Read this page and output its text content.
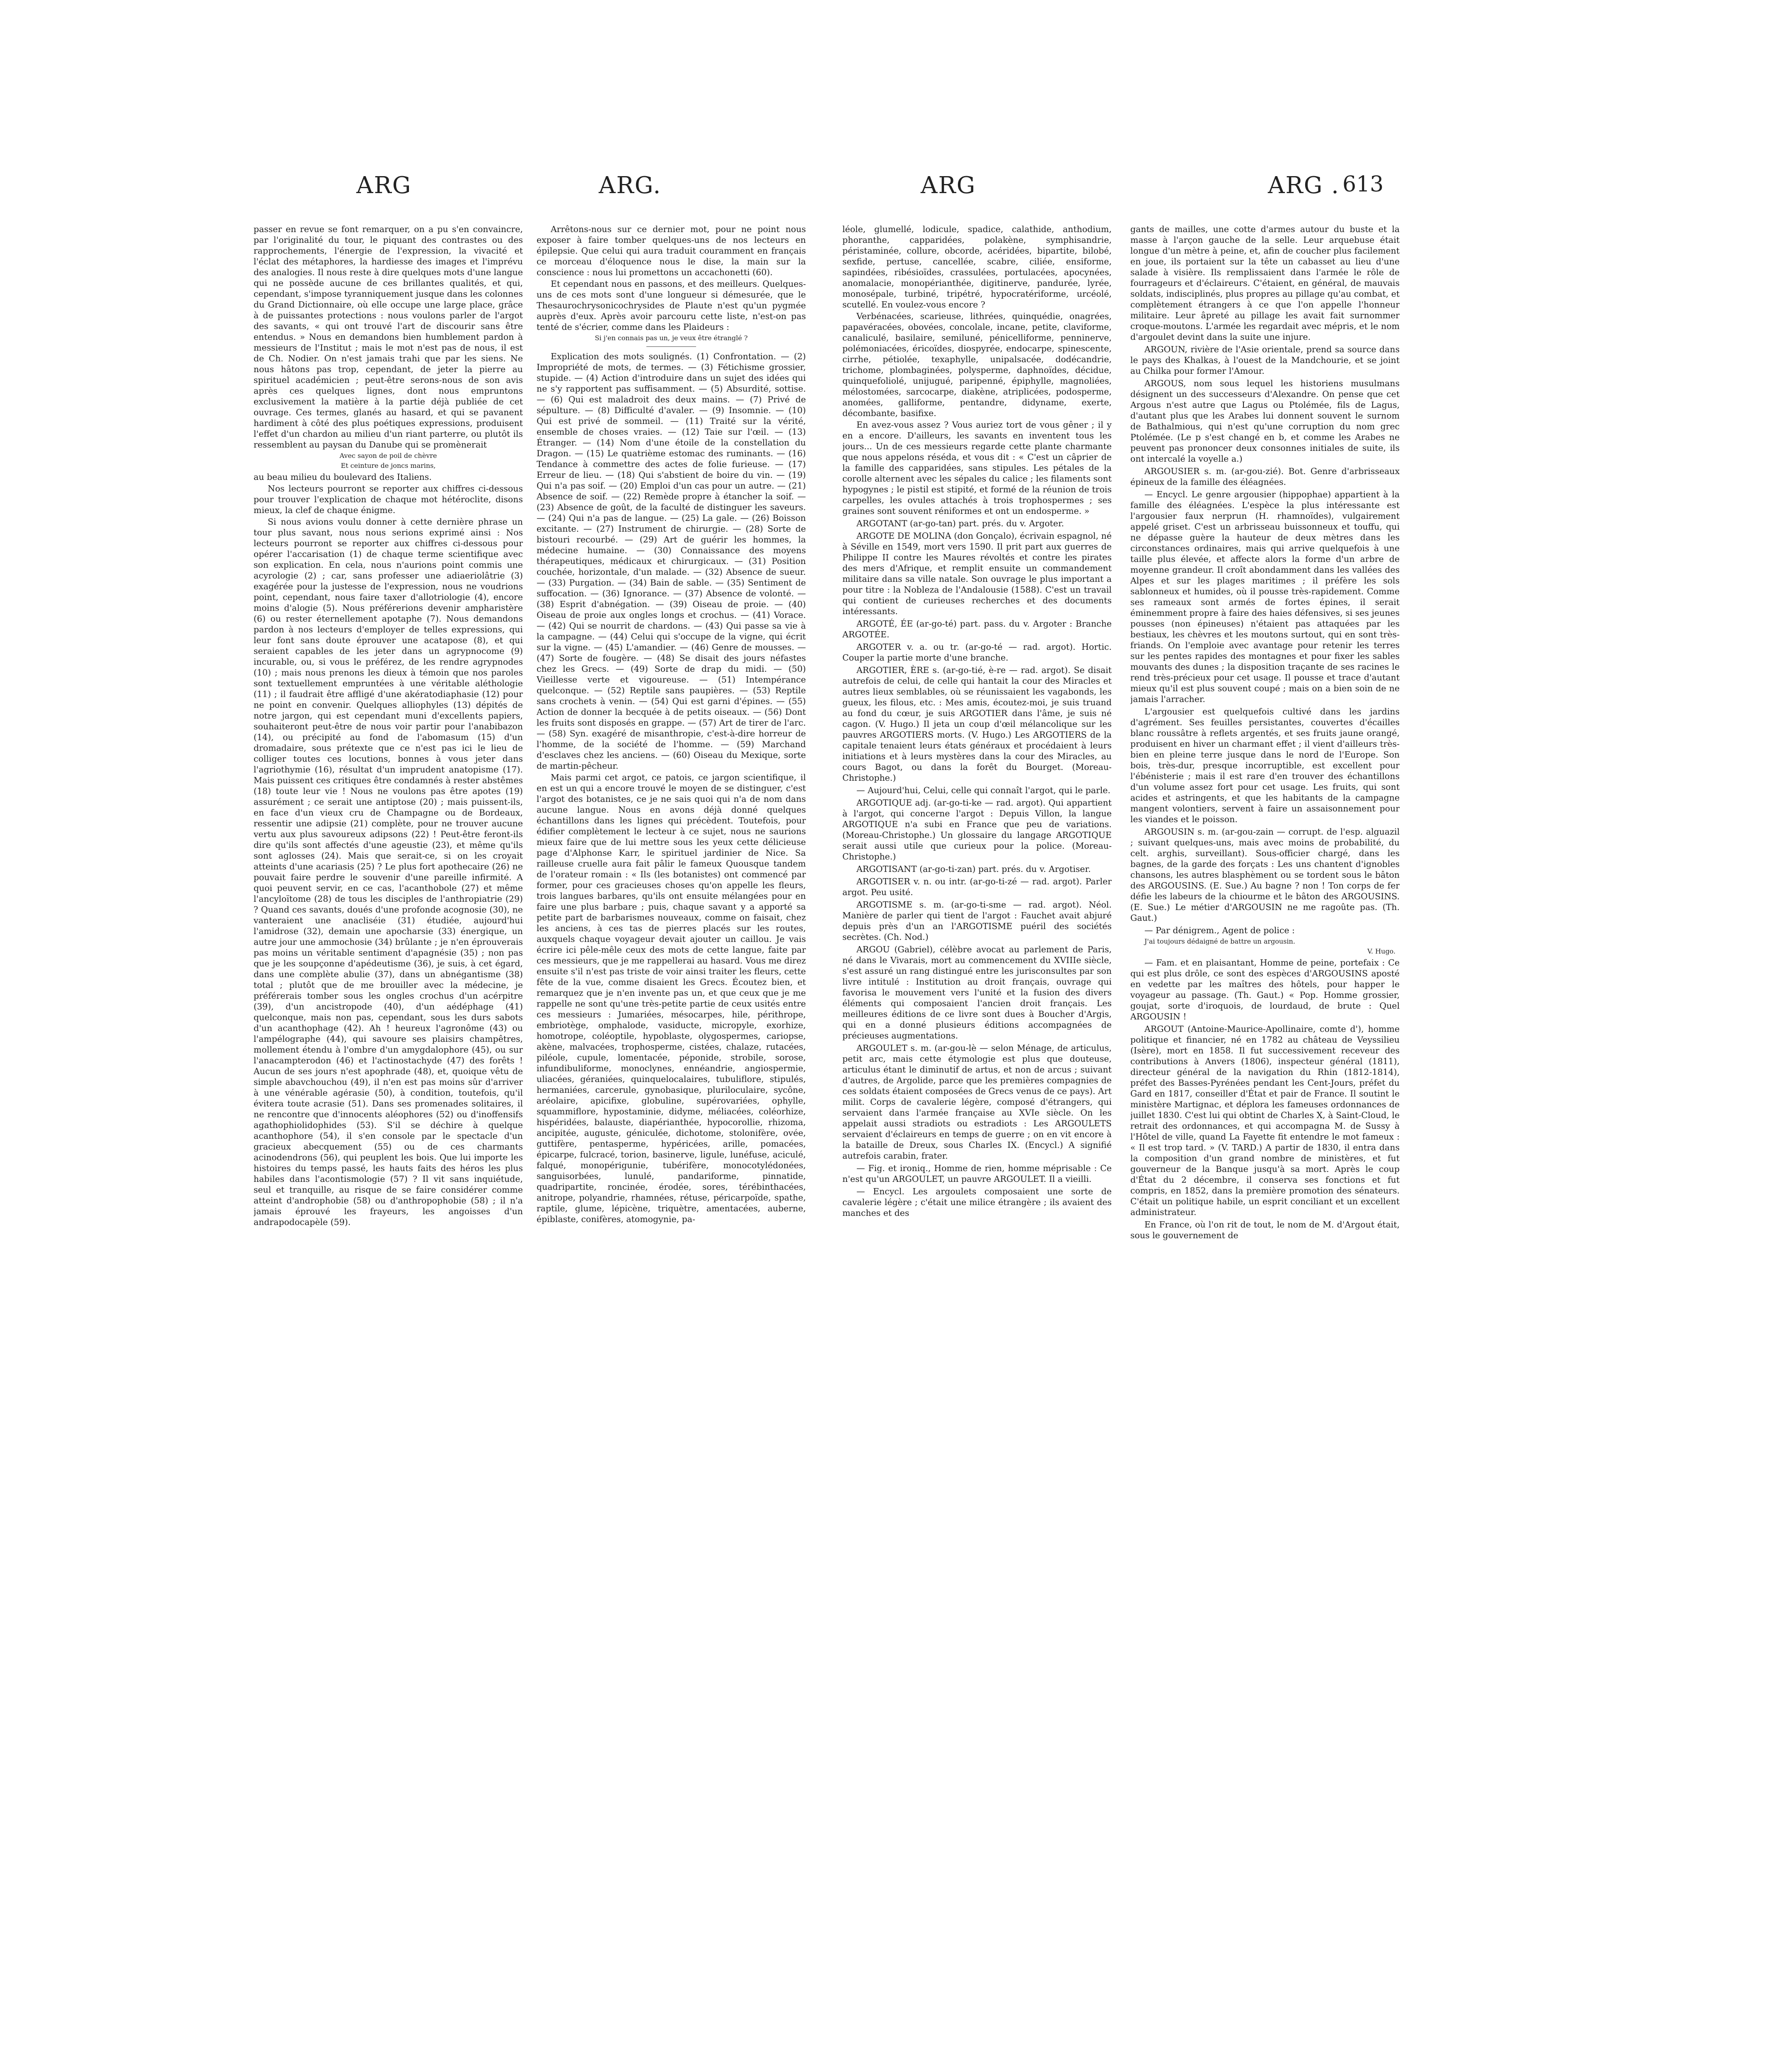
ARG	ARG.	ARG	ARG . 613

passer en revue se font remarquer, on a pu s'en convaincre, par l'originalité du tour, le piquant des contrastes ou des rapprochements, l'énergie de l'expression, la vivacité et l'éclat des métaphores, la hardiesse des images et l'imprévu des analogies. Il nous reste à dire quelques mots d'une langue qui ne possède aucune de ces brillantes qualités, et qui, cependant, s'impose tyranniquement jusque dans les colonnes du Grand Dictionnaire, où elle occupe une large place, grâce à de puissantes protections : nous voulons parler de l'argot des savants, « qui ont trouvé l'art de discourir sans être entendus. » Nous en demandons bien humblement pardon à messieurs de l'Institut ; mais le mot n'est pas de nous, il est de Ch. Nodier. On n'est jamais trahi que par les siens. Ne nous hâtons pas trop, cependant, de jeter la pierre au spirituel académicien ; peut-être serons-nous de son avis après ces quelques lignes, dont nous empruntons exclusivement la matière à la partie déjà publiée de cet ouvrage. Ces termes, glanés au hasard, et qui se pavanent hardiment à côté des plus poétiques expressions, produisent l'effet d'un chardon au milieu d'un riant parterre, ou plutôt ils ressemblent au paysan du Danube qui se promènerait

Avec sayon de poil de chèvre

Et ceinture de joncs marins,

au beau milieu du boulevard des Italiens.

Nos lecteurs pourront se reporter aux chiffres ci-dessous pour trouver l'explication de chaque mot hétéroclite, disons mieux, la clef de chaque énigme.

Si nous avions voulu donner à cette dernière phrase un tour plus savant, nous nous serions exprimé ainsi : Nos lecteurs pourront se reporter aux chiffres ci-dessous pour opérer l'accarisation (1) de chaque terme scientifique avec son explication. En cela, nous n'aurions point commis une acyrologie (2) ; car, sans professer une adiaeriolâtrie (3) exagérée pour la justesse de l'expression, nous ne voudrions point, cependant, nous faire taxer d'allotriologie (4), encore moins d'alogie (5). Nous préférerions devenir ampharistère (6) ou rester éternellement apotaphe (7). Nous demandons pardon à nos lecteurs d'employer de telles expressions, qui leur font sans doute éprouver une acatapose (8), et qui seraient capables de les jeter dans un agrypnocome (9) incurable, ou, si vous le préférez, de les rendre agrypnodes (10) ; mais nous prenons les dieux à témoin que nos paroles sont textuellement empruntées à une véritable aléthologie (11) ; il faudrait être affligé d'une akératodiaphasie (12) pour ne point en convenir. Quelques alliophyles (13) dépités de notre jargon, qui est cependant muni d'excellents papiers, souhaiteront peut-être de nous voir partir pour l'anabibazon (14), ou précipité au fond de l'abomasum (15) d'un dromadaire, sous prétexte que ce n'est pas ici le lieu de colliger toutes ces locutions, bonnes à vous jeter dans l'agriothymie (16), résultat d'un imprudent anatopisme (17). Mais puissent ces critiques être condamnés à rester abstêmes (18) toute leur vie ! Nous ne voulons pas être apotes (19) assurément ; ce serait une antiptose (20) ; mais puissent-ils, en face d'un vieux cru de Champagne ou de Bordeaux, ressentir une adipsie (21) complète, pour ne trouver aucune vertu aux plus savoureux adipsons (22) ! Peut-être feront-ils dire qu'ils sont affectés d'une ageustie (23), et même qu'ils sont aglosses (24). Mais que serait-ce, si on les croyait atteints d'une acariasis (25) ? Le plus fort apothecaire (26) ne pouvait faire perdre le souvenir d'une pareille infirmité. A quoi peuvent servir, en ce cas, l'acanthobole (27) et même l'ancyloïtome (28) de tous les disciples de l'anthropiatrie (29) ? Quand ces savants, doués d'une profonde acognosie (30), ne vanteraient une anacliséie (31) étudiée, aujourd'hui l'amidrose (32), demain une apocharsie (33) énergique, un autre jour une ammochosie (34) brûlante ; je n'en éprouverais pas moins un véritable sentiment d'apagnésie (35) ; non pas que je les soupçonne d'apédeutisme (36), je suis, à cet égard, dans une complète abulie (37), dans un abnégantisme (38) total ; plutôt que de me brouiller avec la médecine, je préférerais tomber sous les ongles crochus d'un acérpitre (39), d'un ancistropode (40), d'un aédéphage (41) quelconque, mais non pas, cependant, sous les durs sabots d'un acanthophage (42). Ah ! heureux l'agronôme (43) ou l'ampélographe (44), qui savoure ses plaisirs champêtres, mollement étendu à l'ombre d'un amygdalophore (45), ou sur l'anacampterodon (46) et l'actinostachyde (47) des forêts ! Aucun de ses jours n'est apophrade (48), et, quoique vêtu de simple abavchouchou (49), il n'en est pas moins sûr d'arriver à une vénérable agérasie (50), à condition, toutefois, qu'il évitera toute acrasie (51). Dans ses promenades solitaires, il ne rencontre que d'innocents aléophores (52) ou d'inoffensifs agathophiolidophides (53). S'il se déchire à quelque acanthophore (54), il s'en console par le spectacle d'un gracieux abecquement (55) ou de ces charmants acinodendrons (56), qui peuplent les bois. Que lui importe les histoires du temps passé, les hauts faits des héros les plus habiles dans l'acontismologie (57) ? Il vit sans inquiétude, seul et tranquille, au risque de se faire considérer comme atteint d'androphobie (58) ou d'anthropophobie (58) ; il n'a jamais éprouvé les frayeurs, les angoisses d'un andrapodocapèle (59).

Arrêtons-nous sur ce dernier mot, pour ne point nous exposer à faire tomber quelques-uns de nos lecteurs en épilepsie. Que celui qui aura traduit couramment en français ce morceau d'éloquence nous le dise, la main sur la conscience : nous lui promettons un accachonetti (60).

Et cependant nous en passons, et des meilleurs. Quelques-uns de ces mots sont d'une longueur si démesurée, que le Thesaurochrysonicochrysides de Plaute n'est qu'un pygmée auprès d'eux. Après avoir parcouru cette liste, n'est-on pas tenté de s'écrier, comme dans les Plaideurs :

Si j'en connais pas un, je veux être étranglé ?

Explication des mots soulignés. (1) Confrontation. — (2) Impropriété de mots, de termes. — (3) Fétichisme grossier, stupide. — (4) Action d'introduire dans un sujet des idées qui ne s'y rapportent pas suffisamment. — (5) Absurdité, sottise. — (6) Qui est maladroit des deux mains. — (7) Privé de sépulture. — (8) Difficulté d'avaler. — (9) Insomnie. — (10) Qui est privé de sommeil. — (11) Traité sur la vérité, ensemble de choses vraies. — (12) Taie sur l'œil. — (13) Étranger. — (14) Nom d'une étoile de la constellation du Dragon. — (15) Le quatrième estomac des ruminants. — (16) Tendance à commettre des actes de folie furieuse. — (17) Erreur de lieu. — (18) Qui s'abstient de boire du vin. — (19) Qui n'a pas soif. — (20) Emploi d'un cas pour un autre. — (21) Absence de soif. — (22) Remède propre à étancher la soif. — (23) Absence de goût, de la faculté de distinguer les saveurs. — (24) Qui n'a pas de langue. — (25) La gale. — (26) Boisson excitante. — (27) Instrument de chirurgie. — (28) Sorte de bistouri recourbé. — (29) Art de guérir les hommes, la médecine humaine. — (30) Connaissance des moyens thérapeutiques, médicaux et chirurgicaux. — (31) Position couchée, horizontale, d'un malade. — (32) Absence de sueur. — (33) Purgation. — (34) Bain de sable. — (35) Sentiment de suffocation. — (36) Ignorance. — (37) Absence de volonté. — (38) Esprit d'abnégation. — (39) Oiseau de proie. — (40) Oiseau de proie aux ongles longs et crochus. — (41) Vorace. — (42) Qui se nourrit de chardons. — (43) Qui passe sa vie à la campagne. — (44) Celui qui s'occupe de la vigne, qui écrit sur la vigne. — (45) L'amandier. — (46) Genre de mousses. — (47) Sorte de fougère. — (48) Se disait des jours néfastes chez les Grecs. — (49) Sorte de drap du midi. — (50) Vieillesse verte et vigoureuse. — (51) Intempérance quelconque. — (52) Reptile sans paupières. — (53) Reptile sans crochets à venin. — (54) Qui est garni d'épines. — (55) Action de donner la becquée à de petits oiseaux. — (56) Dont les fruits sont disposés en grappe. — (57) Art de tirer de l'arc. — (58) Syn. exagéré de misanthropie, c'est-à-dire horreur de l'homme, de la société de l'homme. — (59) Marchand d'esclaves chez les anciens. — (60) Oiseau du Mexique, sorte de martin-pêcheur.

Mais parmi cet argot, ce patois, ce jargon scientifique, il en est un qui a encore trouvé le moyen de se distinguer, c'est l'argot des botanistes, ce je ne sais quoi qui n'a de nom dans aucune langue. Nous en avons déjà donné quelques échantillons dans les lignes qui précèdent. Toutefois, pour édifier complètement le lecteur à ce sujet, nous ne saurions mieux faire que de lui mettre sous les yeux cette délicieuse page d'Alphonse Karr, le spirituel jardinier de Nice. Sa railleuse cruelle aura fait pâlir le fameux Quousque tandem de l'orateur romain : « Ils (les botanistes) ont commencé par former, pour ces gracieuses choses qu'on appelle les fleurs, trois langues barbares, qu'ils ont ensuite mélangées pour en faire une plus barbare ; puis, chaque savant y a apporté sa petite part de barbarismes nouveaux, comme on faisait, chez les anciens, à ces tas de pierres placés sur les routes, auxquels chaque voyageur devait ajouter un caillou. Je vais écrire ici pêle-mêle ceux des mots de cette langue, faite par ces messieurs, que je me rappellerai au hasard. Vous me direz ensuite s'il n'est pas triste de voir ainsi traiter les fleurs, cette fête de la vue, comme disaient les Grecs. Écoutez bien, et remarquez que je n'en invente pas un, et que ceux que je me rappelle ne sont qu'une très-petite partie de ceux usités entre ces messieurs : Jumariées, mésocarpes, hile, périthrope, embriotège, omphalode, vasiducte, micropyle, exorhize, homotrope, coléoptile, hypoblaste, olygospermes, cariopse, akène, malvacées, trophosperme, cistées, chalaze, rutacées, piléole, cupule, lomentacée, péponide, strobile, sorose, infundibuliforme, monoclynes, ennéandrie, angiospermie, uliacées, géraniées, quinquelocalaires, tubuliflore, stipulés, hermaniées, carcerule, gynobasique, pluriloculaire, sycône, aréolaire, apicifixe, globuline, supérovariées, ophylle, squammiflore, hypostaminie, didyme, méliacées, coléorhize, hispéridées, balauste, diapérianthée, hypocorollie, rhizoma, ancipitée, auguste, géniculée, dichotome, stolonifère, ovée, guttifère, pentasperme, hypéricées, arille, pomacées, épicarpe, fulcracé, torion, basinerve, ligule, lunéfuse, aciculé, falqué, monopérigunie, tubérifère, monocotylédonées, sanguisorbées, lunulé, pandariforme, pinnatide, quadripartite, roncinée, érodée, sores, térébinthacées, anitrope, polyandrie, rhamnées, rétuse, péricarpoïde, spathe, raptile, glume, lépicène, triquètre, amentacées, auberne, épiblaste, conifères, atomogynie, pa-

léole, glumellé, lodicule, spadice, calathide, anthodium, phoranthe, capparidées, polakène, symphisandrie, péristaminée, collure, obcorde, acéridées, bipartite, bilobé, sexfide, pertuse, cancellée, scabre, ciliée, ensiforme, sapindées, ribésioïdes, crassulées, portulacées, apocynées, anomalacie, monopérianthée, digitinerve, pandurée, lyrée, monosépale, turbiné, tripétré, hypocratériforme, urcéolé, scutellé. En voulez-vous encore ?

Verbénacées, scarieuse, lithrées, quinquédie, onagrées, papavéracées, obovées, concolale, incane, petite, claviforme, canaliculé, basilaire, semiluné, pénicelliforme, penninerve, polémoniacées, éricoïdes, diospyrée, endocarpe, spinescente, cirrhe, pétiolée, texaphylle, unipalsacée, dodécandrie, trichome, plombaginées, polysperme, daphnoïdes, décidue, quinquefoliolé, unijugué, paripenné, épiphylle, magnoliées, mélostomées, sarcocarpe, diakène, atriplicées, podosperme, anomées, galliforme, pentandre, didyname, exerte, décombante, basifixe.

En avez-vous assez ? Vous auriez tort de vous gêner ; il y en a encore. D'ailleurs, les savants en inventent tous les jours... Un de ces messieurs regarde cette plante charmante que nous appelons réséda, et vous dit : « C'est un câprier de la famille des capparidées, sans stipules. Les pétales de la corolle alternent avec les sépales du calice ; les filaments sont hypogynes ; le pistil est stipité, et formé de la réunion de trois carpelles, les ovules attachés à trois trophospermes ; ses graines sont souvent réniformes et ont un endosperme. »

ARGOTANT (ar-go-tan) part. prés. du v. Argoter.

ARGOTE DE MOLINA (don Gonçalo), écrivain espagnol, né à Séville en 1549, mort vers 1590. Il prit part aux guerres de Philippe II contre les Maures révoltés et contre les pirates des mers d'Afrique, et remplit ensuite un commandement militaire dans sa ville natale. Son ouvrage le plus important a pour titre : la Nobleza de l'Andalousie (1588). C'est un travail qui contient de curieuses recherches et des documents intéressants.

ARGOTÉ, ÉE (ar-go-té) part. pass. du v. Argoter : Branche ARGOTÉE.

ARGOTER v. a. ou tr. (ar-go-té — rad. argot). Hortic. Couper la partie morte d'une branche.

ARGOTIER, ÈRE s. (ar-go-tié, è-re — rad. argot). Se disait autrefois de celui, de celle qui hantait la cour des Miracles et autres lieux semblables, où se réunissaient les vagabonds, les gueux, les filous, etc. : Mes amis, écoutez-moi, je suis truand au fond du cœur, je suis ARGOTIER dans l'âme, je suis né cagon. (V. Hugo.) Il jeta un coup d'œil mélancolique sur les pauvres ARGOTIERS morts. (V. Hugo.) Les ARGOTIERS de la capitale tenaient leurs états généraux et procédaient à leurs initiations et à leurs mystères dans la cour des Miracles, au cours Bagot, ou dans la forêt du Bourget. (Moreau-Christophe.)

— Aujourd'hui, Celui, celle qui connaît l'argot, qui le parle.

ARGOTIQUE adj. (ar-go-ti-ke — rad. argot). Qui appartient à l'argot, qui concerne l'argot : Depuis Villon, la langue ARGOTIQUE n'a subi en France que peu de variations. (Moreau-Christophe.) Un glossaire du langage ARGOTIQUE serait aussi utile que curieux pour la police. (Moreau-Christophe.)

ARGOTISANT (ar-go-ti-zan) part. prés. du v. Argotiser.

ARGOTISER v. n. ou intr. (ar-go-ti-zé — rad. argot). Parler argot. Peu usité.

ARGOTISME s. m. (ar-go-ti-sme — rad. argot). Néol. Manière de parler qui tient de l'argot : Fauchet avait abjuré depuis près d'un an l'ARGOTISME puéril des sociétés secrètes. (Ch. Nod.)

ARGOU (Gabriel), célèbre avocat au parlement de Paris, né dans le Vivarais, mort au commencement du XVIIIe siècle, s'est assuré un rang distingué entre les jurisconsultes par son livre intitulé : Institution au droit français, ouvrage qui favorisa le mouvement vers l'unité et la fusion des divers éléments qui composaient l'ancien droit français. Les meilleures éditions de ce livre sont dues à Boucher d'Argis, qui en a donné plusieurs éditions accompagnées de précieuses augmentations.

ARGOULET s. m. (ar-gou-lè — selon Ménage, de articulus, petit arc, mais cette étymologie est plus que douteuse, articulus étant le diminutif de artus, et non de arcus ; suivant d'autres, de Argolide, parce que les premières compagnies de ces soldats étaient composées de Grecs venus de ce pays). Art milit. Corps de cavalerie légère, composé d'étrangers, qui servaient dans l'armée française au XVIe siècle. On les appelait aussi stradiots ou estradiots : Les ARGOULETS servaient d'éclaireurs en temps de guerre ; on en vit encore à la bataille de Dreux, sous Charles IX. (Encycl.) A signifié autrefois carabin, frater.

— Fig. et ironiq., Homme de rien, homme méprisable : Ce n'est qu'un ARGOULET, un pauvre ARGOULET. Il a vieilli.

— Encycl. Les argoulets composaient une sorte de cavalerie légère ; c'était une milice étrangère ; ils avaient des manches et des

gants de mailles, une cotte d'armes autour du buste et la masse à l'arçon gauche de la selle. Leur arquebuse était longue d'un mètre à peine, et, afin de coucher plus facilement en joue, ils portaient sur la tête un cabasset au lieu d'une salade à visière. Ils remplissaient dans l'armée le rôle de fourrageurs et d'éclaireurs. C'étaient, en général, de mauvais soldats, indisciplinés, plus propres au pillage qu'au combat, et complètement étrangers à ce que l'on appelle l'honneur militaire. Leur âpreté au pillage les avait fait surnommer croque-moutons. L'armée les regardait avec mépris, et le nom d'argoulet devint dans la suite une injure.

ARGOUN, rivière de l'Asie orientale, prend sa source dans le pays des Khalkas, à l'ouest de la Mandchourie, et se joint au Chilka pour former l'Amour.

ARGOUS, nom sous lequel les historiens musulmans désignent un des successeurs d'Alexandre. On pense que cet Argous n'est autre que Lagus ou Ptolémée, fils de Lagus, d'autant plus que les Arabes lui donnent souvent le surnom de Bathalmious, qui n'est qu'une corruption du nom grec Ptolémée. (Le p s'est changé en b, et comme les Arabes ne peuvent pas prononcer deux consonnes initiales de suite, ils ont intercalé la voyelle a.)

ARGOUSIER s. m. (ar-gou-zié). Bot. Genre d'arbrisseaux épineux de la famille des éléagnées.

— Encycl. Le genre argousier (hippophae) appartient à la famille des éléagnées. L'espèce la plus intéressante est l'argousier faux nerprun (H. rhamnoïdes), vulgairement appelé griset. C'est un arbrisseau buissonneux et touffu, qui ne dépasse guère la hauteur de deux mètres dans les circonstances ordinaires, mais qui arrive quelquefois à une taille plus élevée, et affecte alors la forme d'un arbre de moyenne grandeur. Il croît abondamment dans les vallées des Alpes et sur les plages maritimes ; il préfère les sols sablonneux et humides, où il pousse très-rapidement. Comme ses rameaux sont armés de fortes épines, il serait éminemment propre à faire des haies défensives, si ses jeunes pousses (non épineuses) n'étaient pas attaquées par les bestiaux, les chèvres et les moutons surtout, qui en sont très-friands. On l'emploie avec avantage pour retenir les terres sur les pentes rapides des montagnes et pour fixer les sables mouvants des dunes ; la disposition traçante de ses racines le rend très-précieux pour cet usage. Il pousse et trace d'autant mieux qu'il est plus souvent coupé ; mais on a bien soin de ne jamais l'arracher.

L'argousier est quelquefois cultivé dans les jardins d'agrément. Ses feuilles persistantes, couvertes d'écailles blanc roussâtre à reflets argentés, et ses fruits jaune orangé, produisent en hiver un charmant effet ; il vient d'ailleurs très-bien en pleine terre jusque dans le nord de l'Europe. Son bois, très-dur, presque incorruptible, est excellent pour l'ébénisterie ; mais il est rare d'en trouver des échantillons d'un volume assez fort pour cet usage. Les fruits, qui sont acides et astringents, et que les habitants de la campagne mangent volontiers, servent à faire un assaisonnement pour les viandes et le poisson.

ARGOUSIN s. m. (ar-gou-zain — corrupt. de l'esp. alguazil ; suivant quelques-uns, mais avec moins de probabilité, du celt. arghis, surveillant). Sous-officier chargé, dans les bagnes, de la garde des forçats : Les uns chantent d'ignobles chansons, les autres blasphèment ou se tordent sous le bâton des ARGOUSINS. (E. Sue.) Au bagne ? non ! Ton corps de fer défie les labeurs de la chiourme et le bâton des ARGOUSINS. (E. Sue.) Le métier d'ARGOUSIN ne me ragoûte pas. (Th. Gaut.)

— Par dénigrem., Agent de police :

J'ai toujours dédaigné de battre un argousin.

V. Hugo.

— Fam. et en plaisantant, Homme de peine, portefaix : Ce qui est plus drôle, ce sont des espèces d'ARGOUSINS aposté en vedette par les maîtres des hôtels, pour happer le voyageur au passage. (Th. Gaut.) « Pop. Homme grossier, goujat, sorte d'iroquois, de lourdaud, de brute : Quel ARGOUSIN !

ARGOUT (Antoine-Maurice-Apollinaire, comte d'), homme politique et financier, né en 1782 au château de Veyssilieu (Isère), mort en 1858. Il fut successivement receveur des contributions à Anvers (1806), inspecteur général (1811), directeur général de la navigation du Rhin (1812-1814), préfet des Basses-Pyrénées pendant les Cent-Jours, préfet du Gard en 1817, conseiller d'État et pair de France. Il soutint le ministère Martignac, et déplora les fameuses ordonnances de juillet 1830. C'est lui qui obtint de Charles X, à Saint-Cloud, le retrait des ordonnances, et qui accompagna M. de Sussy à l'Hôtel de ville, quand La Fayette fit entendre le mot fameux : « Il est trop tard. » (V. TARD.) A partir de 1830, il entra dans la composition d'un grand nombre de ministères, et fut gouverneur de la Banque jusqu'à sa mort. Après le coup d'État du 2 décembre, il conserva ses fonctions et fut compris, en 1852, dans la première promotion des sénateurs. C'était un politique habile, un esprit conciliant et un excellent administrateur.

En France, où l'on rit de tout, le nom de M. d'Argout était, sous le gouvernement de
